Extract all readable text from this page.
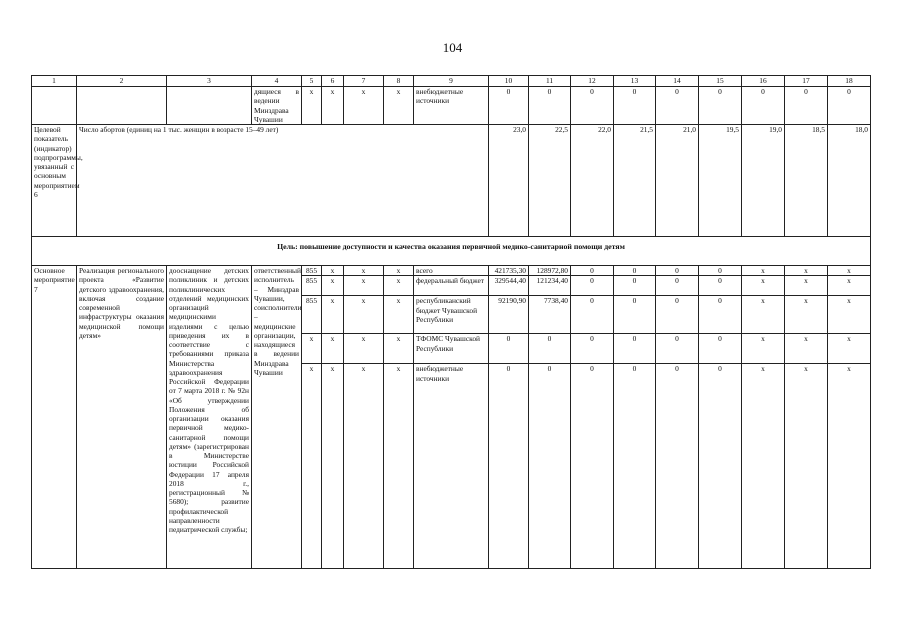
104
1	2	3	4	5	6	7	8	9	10	11	12	13	14	15	16	17	18
			дящиеся в ведении Минздрава Чувашии	x	x	x	x	внебюджетные источники	0	0	0	0	0	0	0	0	0
Целевой показатель (индикатор) подпрограммы, увязанный с основным мероприятием 6	Число абортов (единиц на 1 тыс. женщин в возрасте 15–49 лет)								23,0	22,5	22,0	21,5	21,0	19,5	19,0	18,5	18,0
Цель: повышение доступности и качества оказания первичной медико-санитарной помощи детям																	
Основное мероприятие 7	Реализация регионального проекта «Развитие детского здравоохранения, включая создание современной инфраструктуры оказания медицинской помощи детям»	дооснащение детских поликлиник и детских поликлинических отделений медицинских организаций медицинскими изделиями с целью приведения их в соответствие с требованиями приказа Министерства здравоохранения Российской Федерации от 7 марта 2018 г. № 92н «Об утверждении Положения об организации оказания первичной медико-санитарной помощи детям» (зарегистрирован в Министерстве юстиции Российской Федерации 17 апреля 2018 г., регистрационный № 5680); развитие профилактической направленности педиатрической службы;	ответственный исполнитель – Минздрав Чувашии, соисполнители – медицинские организации, находящиеся в ведении Минздрава Чувашии	855	x	x	x	всего	421735,30	128972,80	0	0	0	0	x	x	x
				855	x	x	x	федеральный бюджет	329544,40	121234,40	0	0	0	0	x	x	x
				855	x	x	x	республиканский бюджет Чувашской Республики	92190,90	7738,40	0	0	0	0	x	x	x
				x	x	x	x	ТФОМС Чувашской Республики	0	0	0	0	0	0	x	x	x
				x	x	x	x	внебюджетные источники	0	0	0	0	0	0	x	x	x
